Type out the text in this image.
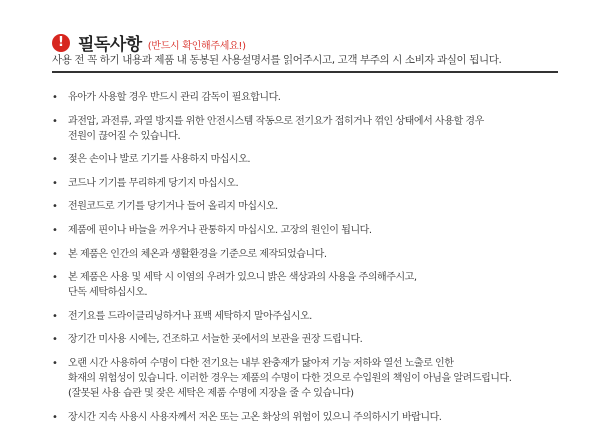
! 필독사항 (반드시 확인해주세요!)
사용 전 꼭 하기 내용과 제품 내 동봉된 사용설명서를 읽어주시고, 고객 부주의 시 소비자 과실이 됩니다.
• 유아가 사용할 경우 반드시 관리 감독이 필요합니다.
• 과전압, 과전류, 과열 방지를 위한 안전시스템 작동으로 전기요가 접히거나 꺾인 상태에서 사용할 경우
전원이 끊어질 수 있습니다.
• 젖은 손이나 발로 기기를 사용하지 마십시오.
• 코드나 기기를 무리하게 당기지 마십시오.
• 전원코드로 기기를 당기거나 들어 올리지 마십시오.
• 제품에 핀이나 바늘을 꺼우거나 관통하지 마십시오. 고장의 원인이 됩니다.
• 본 제품은 인간의 체온과 생활환경을 기준으로 제작되었습니다.
• 본 제품은 사용 및 세탁 시 이염의 우려가 있으니 밝은 색상과의 사용을 주의해주시고,
단독 세탁하십시오.
• 전기요를 드라이클리닝하거나 표백 세탁하지 말아주십시오.
• 장기간 미사용 시에는, 건조하고 서늘한 곳에서의 보관을 권장 드립니다.
• 오랜 시간 사용하여 수명이 다한 전기요는 내부 완충재가 닳아져 기능 저하와 열선 노출로 인한
화재의 위험성이 있습니다. 이러한 경우는 제품의 수명이 다한 것으로 수입원의 책임이 아님을 알려드립니다.
(잘못된 사용 습관 및 잦은 세탁은 제품 수명에 지장을 줄 수 있습니다)
• 장시간 지속 사용시 사용자께서 저온 또는 고온 화상의 위험이 있으니 주의하시기 바랍니다.
